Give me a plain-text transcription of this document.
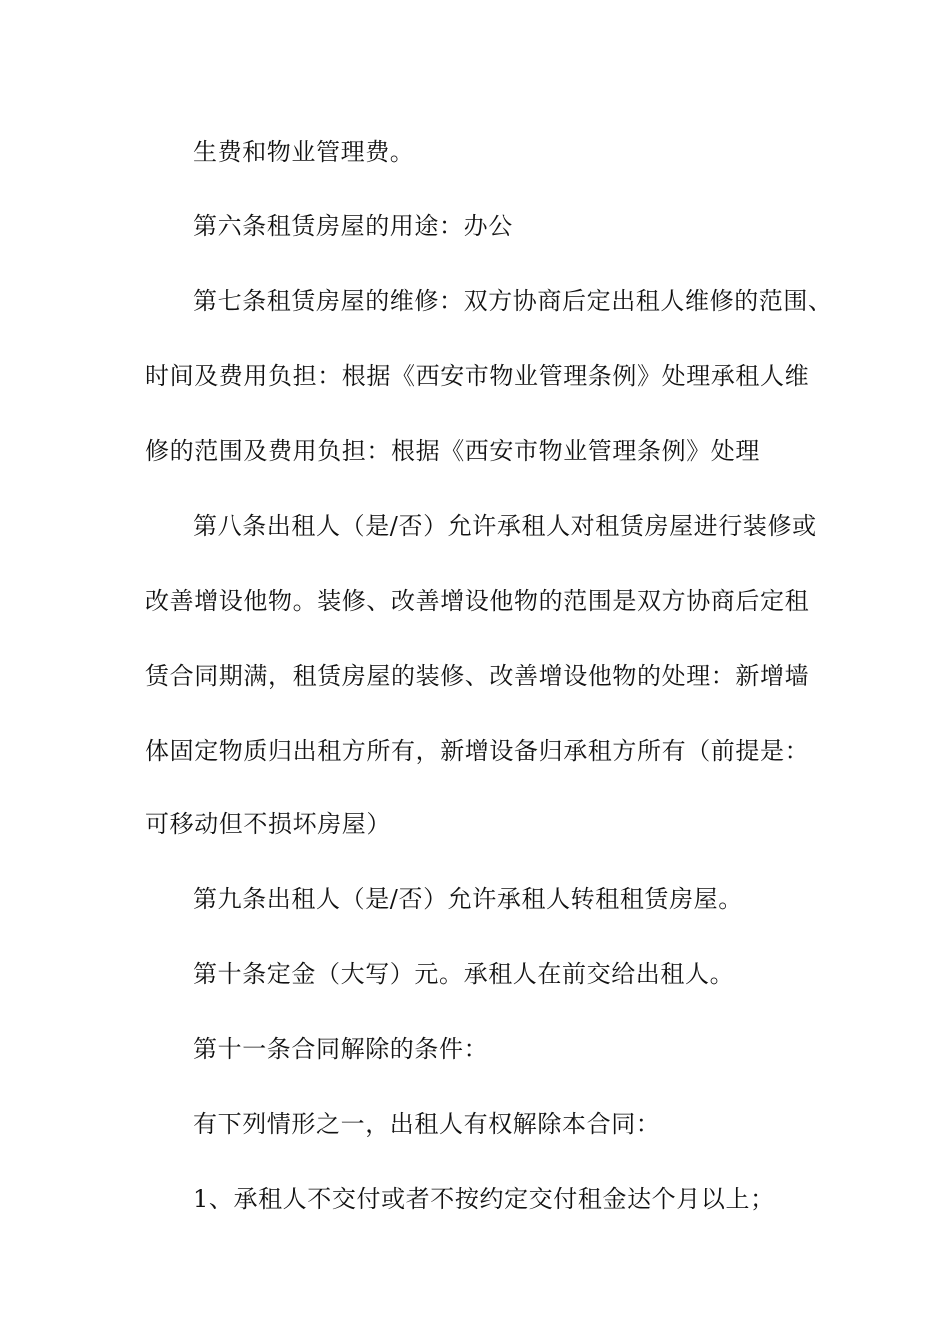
生费和物业管理费。
第六条租赁房屋的用途：办公
第七条租赁房屋的维修：双方协商后定出租人维修的范围、
时间及费用负担：根据《西安市物业管理条例》处理承租人维
修的范围及费用负担：根据《西安市物业管理条例》处理
第八条出租人（是/否）允许承租人对租赁房屋进行装修或
改善增设他物。装修、改善增设他物的范围是双方协商后定租
赁合同期满，租赁房屋的装修、改善增设他物的处理：新增墙
体固定物质归出租方所有，新增设备归承租方所有（前提是：
可移动但不损坏房屋）
第九条出租人（是/否）允许承租人转租租赁房屋。
第十条定金（大写）元。承租人在前交给出租人。
第十一条合同解除的条件：
有下列情形之一，出租人有权解除本合同：
1、承租人不交付或者不按约定交付租金达个月以上；
